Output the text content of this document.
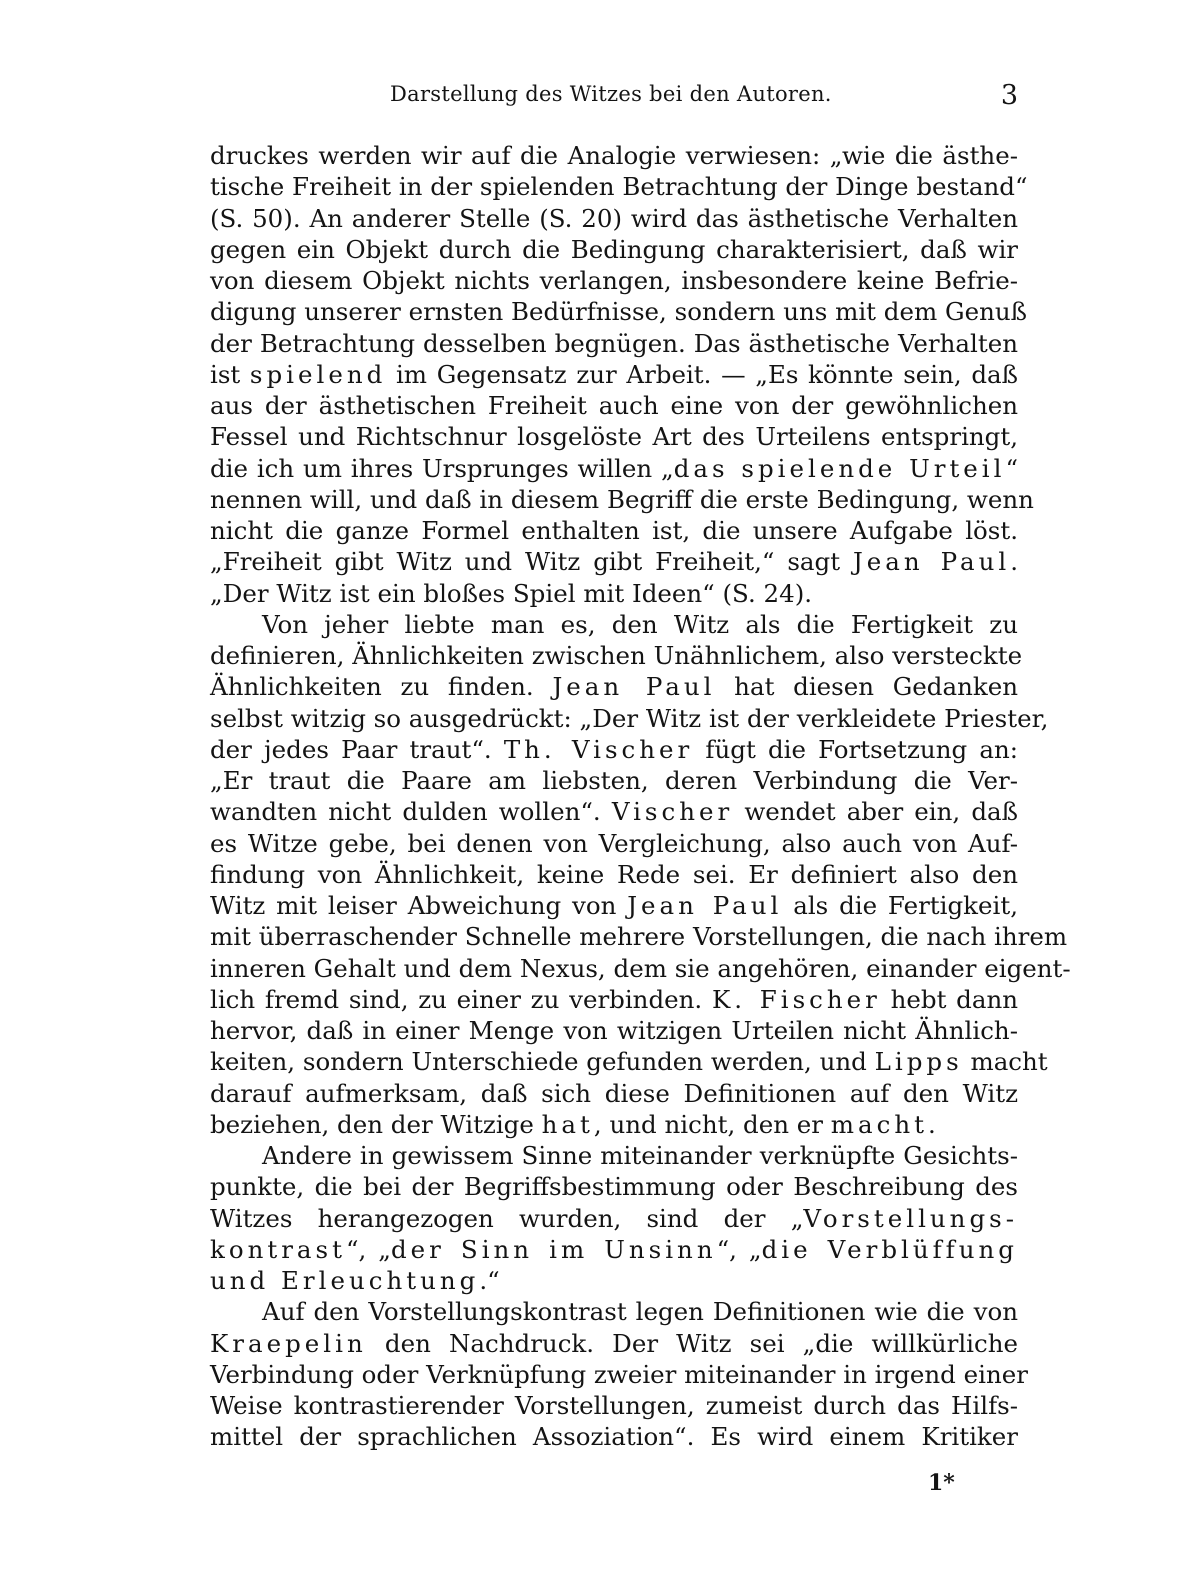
Darstellung des Witzes bei den Autoren.	3
druckes werden wir auf die Analogie verwiesen: „wie die ästhe-
tische Freiheit in der spielenden Betrachtung der Dinge bestand“
(S. 50). An anderer Stelle (S. 20) wird das ästhetische Verhalten
gegen ein Objekt durch die Bedingung charakterisiert, daß wir
von diesem Objekt nichts verlangen, insbesondere keine Befrie-
digung unserer ernsten Bedürfnisse, sondern uns mit dem Genuß
der Betrachtung desselben begnügen. Das ästhetische Verhalten
ist spielend im Gegensatz zur Arbeit. — „Es könnte sein, daß
aus der ästhetischen Freiheit auch eine von der gewöhnlichen
Fessel und Richtschnur losgelöste Art des Urteilens entspringt,
die ich um ihres Ursprunges willen „das spielende Urteil“
nennen will, und daß in diesem Begriff die erste Bedingung, wenn
nicht die ganze Formel enthalten ist, die unsere Aufgabe löst.
„Freiheit gibt Witz und Witz gibt Freiheit,“ sagt Jean Paul.
„Der Witz ist ein bloßes Spiel mit Ideen“ (S. 24).
Von jeher liebte man es, den Witz als die Fertigkeit zu
definieren, Ähnlichkeiten zwischen Unähnlichem, also versteckte
Ähnlichkeiten zu finden. Jean Paul hat diesen Gedanken
selbst witzig so ausgedrückt: „Der Witz ist der verkleidete Priester,
der jedes Paar traut“. Th. Vischer fügt die Fortsetzung an:
„Er traut die Paare am liebsten, deren Verbindung die Ver-
wandten nicht dulden wollen“. Vischer wendet aber ein, daß
es Witze gebe, bei denen von Vergleichung, also auch von Auf-
findung von Ähnlichkeit, keine Rede sei. Er definiert also den
Witz mit leiser Abweichung von Jean Paul als die Fertigkeit,
mit überraschender Schnelle mehrere Vorstellungen, die nach ihrem
inneren Gehalt und dem Nexus, dem sie angehören, einander eigent-
lich fremd sind, zu einer zu verbinden. K. Fischer hebt dann
hervor, daß in einer Menge von witzigen Urteilen nicht Ähnlich-
keiten, sondern Unterschiede gefunden werden, und Lipps macht
darauf aufmerksam, daß sich diese Definitionen auf den Witz
beziehen, den der Witzige hat, und nicht, den er macht.
Andere in gewissem Sinne miteinander verknüpfte Gesichts-
punkte, die bei der Begriffsbestimmung oder Beschreibung des
Witzes herangezogen wurden, sind der „Vorstellungs-
kontrast“, „der Sinn im Unsinn“, „die Verblüffung
und Erleuchtung.“
Auf den Vorstellungskontrast legen Definitionen wie die von
Kraepelin den Nachdruck. Der Witz sei „die willkürliche
Verbindung oder Verknüpfung zweier miteinander in irgend einer
Weise kontrastierender Vorstellungen, zumeist durch das Hilfs-
mittel der sprachlichen Assoziation“. Es wird einem Kritiker
1*
